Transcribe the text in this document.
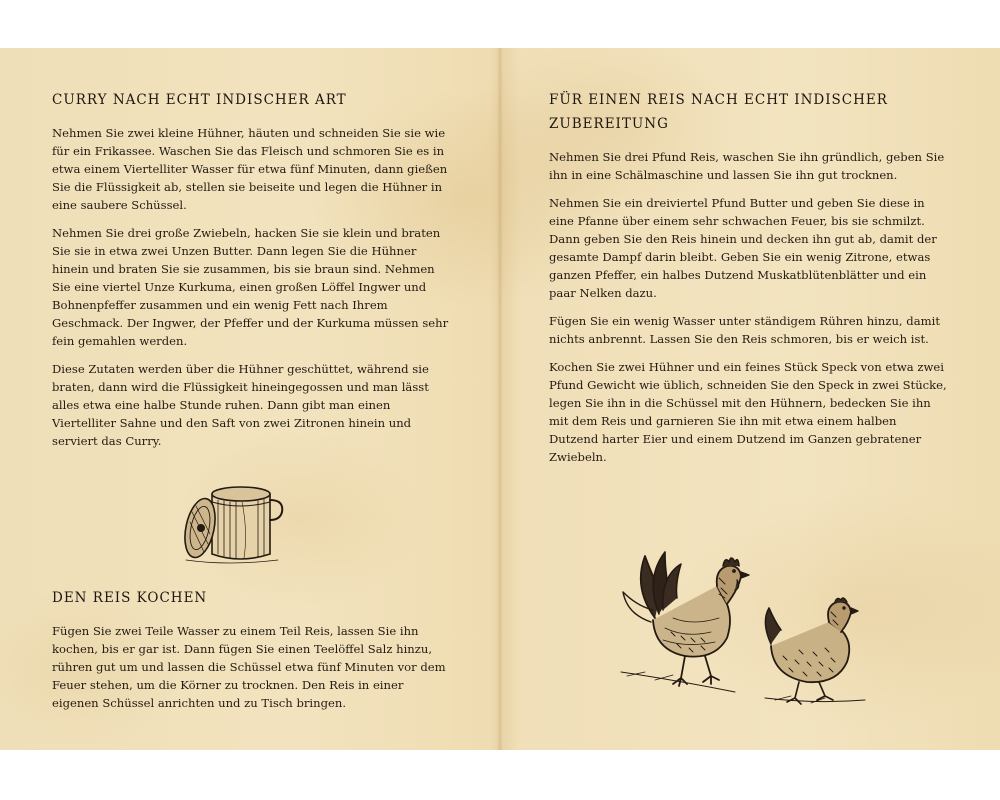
CURRY NACH ECHT INDISCHER ART

Nehmen Sie zwei kleine Hühner, häuten und schneiden Sie sie wie für ein Frikassee. Waschen Sie das Fleisch und schmoren Sie es in etwa einem Viertelliter Wasser für etwa fünf Minuten, dann gießen Sie die Flüssigkeit ab, stellen sie beiseite und legen die Hühner in eine saubere Schüssel.

Nehmen Sie drei große Zwiebeln, hacken Sie sie klein und braten Sie sie in etwa zwei Unzen Butter. Dann legen Sie die Hühner hinein und braten Sie sie zusammen, bis sie braun sind. Nehmen Sie eine viertel Unze Kurkuma, einen großen Löffel Ingwer und Bohnenpfeffer zusammen und ein wenig Fett nach Ihrem Geschmack. Der Ingwer, der Pfeffer und der Kurkuma müssen sehr fein gemahlen werden.

Diese Zutaten werden über die Hühner geschüttet, während sie braten, dann wird die Flüssigkeit hineingegossen und man lässt alles etwa eine halbe Stunde ruhen. Dann gibt man einen Viertelliter Sahne und den Saft von zwei Zitronen hinein und serviert das Curry.

DEN REIS KOCHEN

Fügen Sie zwei Teile Wasser zu einem Teil Reis, lassen Sie ihn kochen, bis er gar ist. Dann fügen Sie einen Teelöffel Salz hinzu, rühren gut um und lassen die Schüssel etwa fünf Minuten vor dem Feuer stehen, um die Körner zu trocknen. Den Reis in einer eigenen Schüssel anrichten und zu Tisch bringen.

FÜR EINEN REIS NACH ECHT INDISCHER ZUBEREITUNG

Nehmen Sie drei Pfund Reis, waschen Sie ihn gründlich, geben Sie ihn in eine Schälmaschine und lassen Sie ihn gut trocknen.

Nehmen Sie ein dreiviertel Pfund Butter und geben Sie diese in eine Pfanne über einem sehr schwachen Feuer, bis sie schmilzt. Dann geben Sie den Reis hinein und decken ihn gut ab, damit der gesamte Dampf darin bleibt. Geben Sie ein wenig Zitrone, etwas ganzen Pfeffer, ein halbes Dutzend Muskatblütenblätter und ein paar Nelken dazu.

Fügen Sie ein wenig Wasser unter ständigem Rühren hinzu, damit nichts anbrennt. Lassen Sie den Reis schmoren, bis er weich ist.

Kochen Sie zwei Hühner und ein feines Stück Speck von etwa zwei Pfund Gewicht wie üblich, schneiden Sie den Speck in zwei Stücke, legen Sie ihn in die Schüssel mit den Hühnern, bedecken Sie ihn mit dem Reis und garnieren Sie ihn mit etwa einem halben Dutzend harter Eier und einem Dutzend im Ganzen gebratener Zwiebeln.
